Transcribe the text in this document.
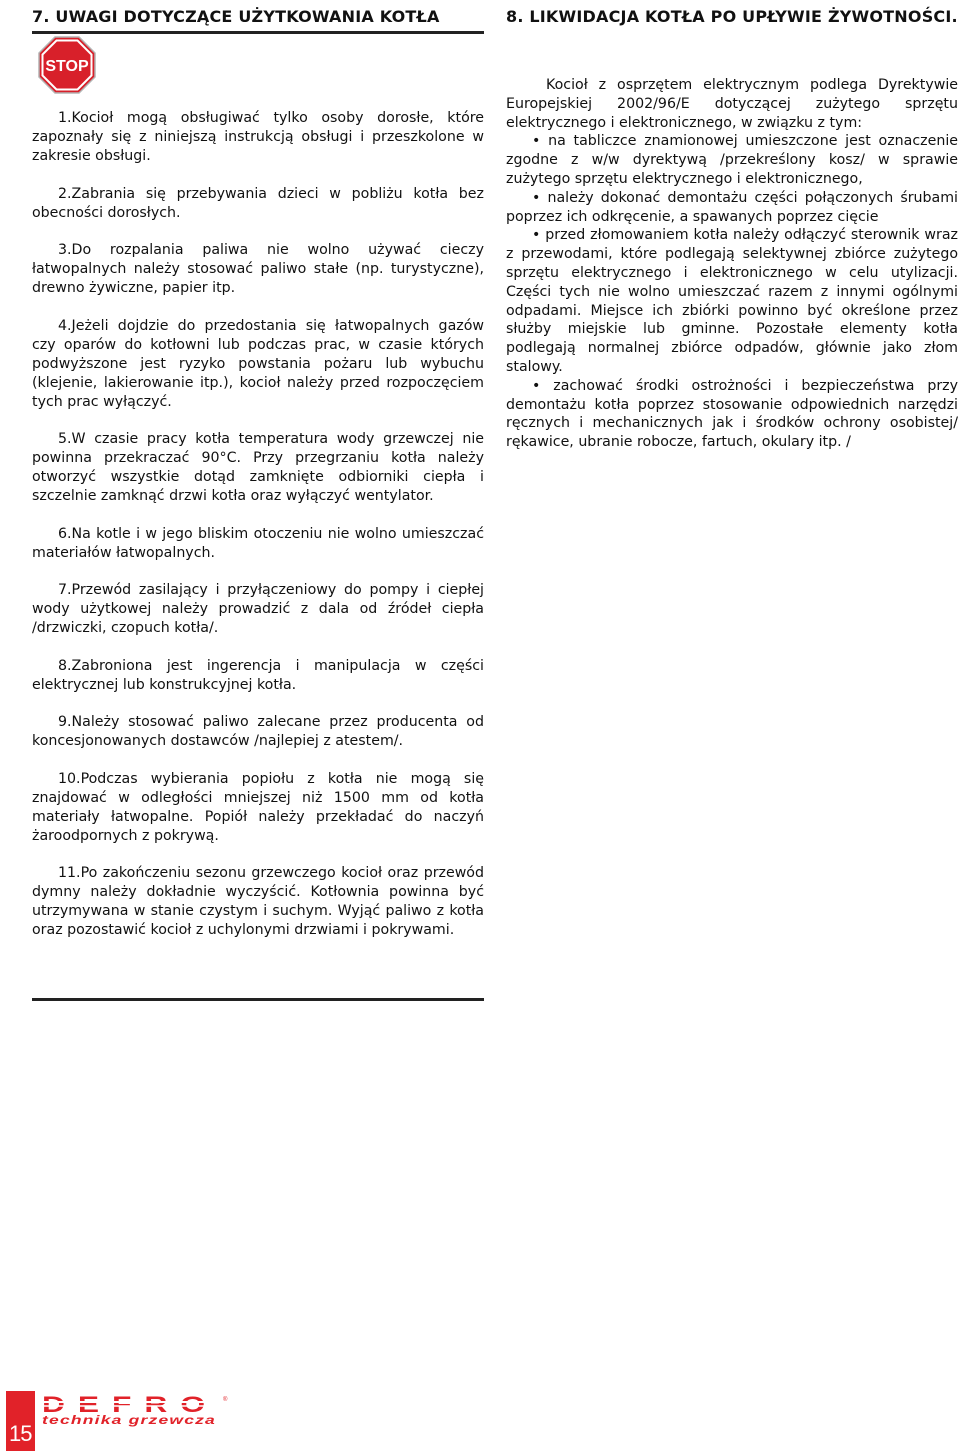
7. UWAGI DOTYCZĄCE UŻYTKOWANIA KOTŁA
STOP

1.Kocioł mogą obsługiwać tylko osoby dorosłe, które zapoznały się z niniejszą instrukcją obsługi i przeszkolone w zakresie obsługi.

2.Zabrania się przebywania dzieci w pobliżu kotła bez obecności dorosłych.

3.Do rozpalania paliwa nie wolno używać cieczy łatwopalnych należy stosować paliwo stałe (np. turystyczne), drewno żywiczne, papier itp.

4.Jeżeli dojdzie do przedostania się łatwopalnych gazów czy oparów do kotłowni lub podczas prac, w czasie których podwyższone jest ryzyko powstania pożaru lub wybuchu (klejenie, lakierowanie itp.), kocioł należy przed rozpoczęciem tych prac wyłączyć.

5.W czasie pracy kotła temperatura wody grzewczej nie powinna przekraczać 90°C. Przy przegrzaniu kotła należy otworzyć wszystkie dotąd zamknięte odbiorniki ciepła i szczelnie zamknąć drzwi kotła oraz wyłączyć wentylator.

6.Na kotle i w jego bliskim otoczeniu nie wolno umieszczać materiałów łatwopalnych.

7.Przewód zasilający i przyłączeniowy do pompy i ciepłej wody użytkowej należy prowadzić z dala od źródeł ciepła /drzwiczki, czopuch kotła/.

8.Zabroniona jest ingerencja i manipulacja w części elektrycznej lub konstrukcyjnej kotła.

9.Należy stosować paliwo zalecane przez producenta od koncesjonowanych dostawców /najlepiej z atestem/.

10.Podczas wybierania popiołu z kotła nie mogą się znajdować w odległości mniejszej niż 1500 mm od kotła materiały łatwopalne. Popiół należy przekładać do naczyń żaroodpornych z pokrywą.

11.Po zakończeniu sezonu grzewczego kocioł oraz przewód dymny należy dokładnie wyczyścić. Kotłownia powinna być utrzymywana w stanie czystym i suchym. Wyjąć paliwo z kotła oraz pozostawić kocioł z uchylonymi drzwiami i pokrywami.

8. LIKWIDACJA KOTŁA PO UPŁYWIE ŻYWOTNOŚCI.

Kocioł z osprzętem elektrycznym podlega Dyrektywie Europejskiej 2002/96/E dotyczącej zużytego sprzętu elektrycznego i elektronicznego, w związku z tym:

• na tabliczce znamionowej umieszczone jest oznaczenie zgodne z w/w dyrektywą /przekreślony kosz/ w sprawie zużytego sprzętu elektrycznego i elektronicznego,

• należy dokonać demontażu części połączonych śrubami poprzez ich odkręcenie, a spawanych poprzez cięcie

• przed złomowaniem kotła należy odłączyć sterownik wraz z przewodami, które podlegają selektywnej zbiórce zużytego sprzętu elektrycznego i elektronicznego w celu utylizacji. Części tych nie wolno umieszczać razem z innymi ogólnymi odpadami. Miejsce ich zbiórki powinno być określone przez służby miejskie lub gminne. Pozostałe elementy kotła podlegają normalnej zbiórce odpadów, głównie jako złom stalowy.

• zachować środki ostrożności i bezpieczeństwa przy demontażu kotła poprzez stosowanie odpowiednich narzędzi ręcznych i mechanicznych jak i środków ochrony osobistej/ rękawice, ubranie robocze, fartuch, okulary itp. /

15
DEFRO ®
technika grzewcza
